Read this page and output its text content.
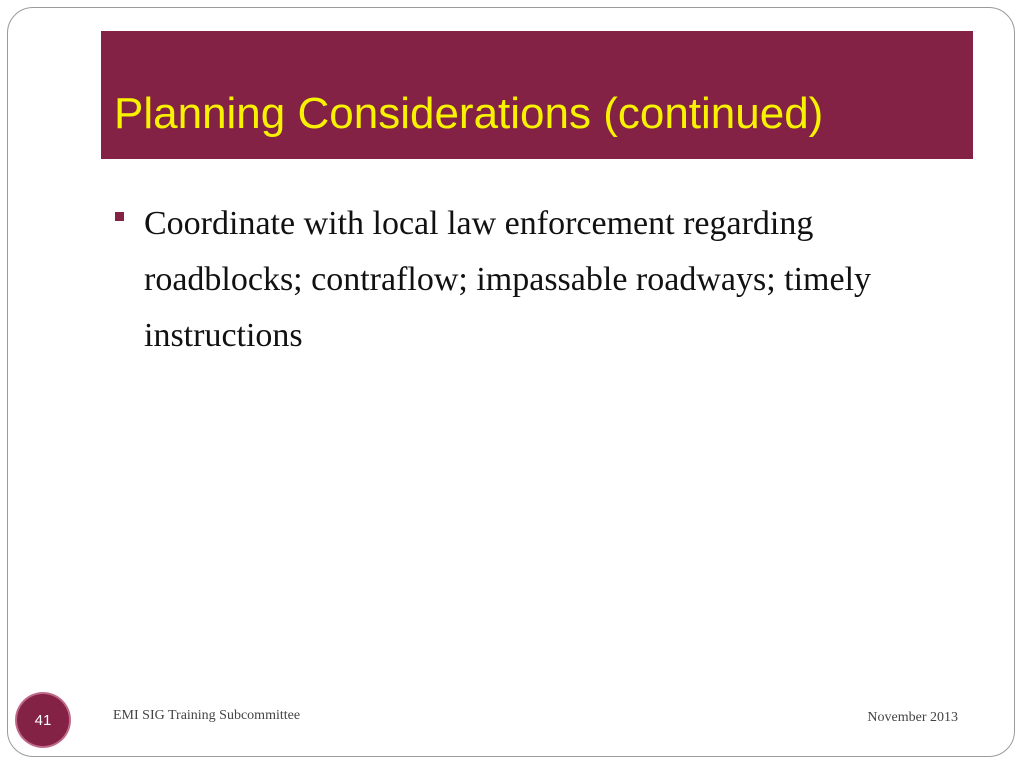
Planning Considerations (continued)
Coordinate with local law enforcement regarding roadblocks; contraflow; impassable roadways; timely instructions
41	EMI SIG Training Subcommittee	November 2013
